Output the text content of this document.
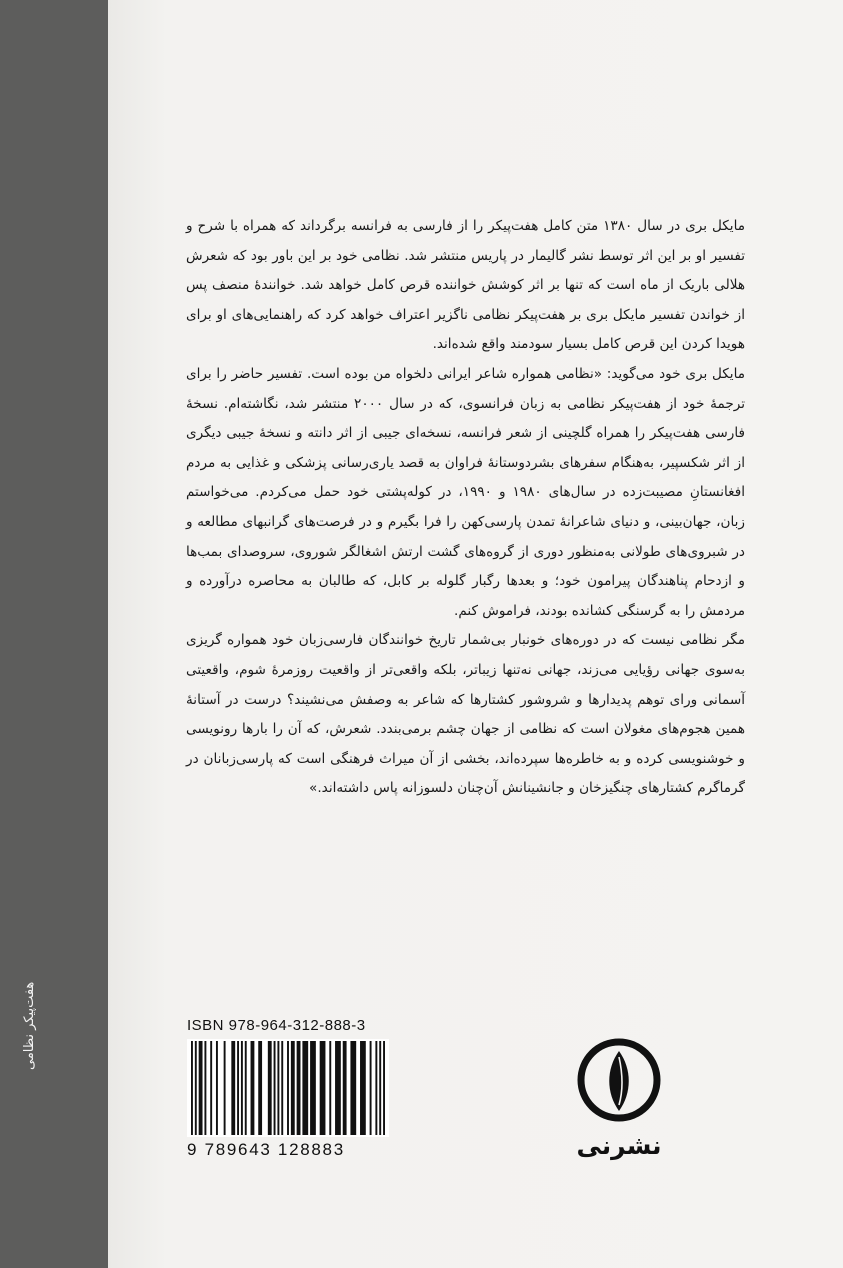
هفت‌پیکر نظامی

مایکل بری در سال ۱۳۸۰ متن کامل هفت‌پیکر را از فارسی به فرانسه برگرداند که همراه با شرح و تفسیر او بر این اثر توسط نشر گالیمار در پاریس منتشر شد. نظامی خود بر این باور بود که شعرش هلالی باریک از ماه است که تنها بر اثر کوشش خواننده قرص کامل خواهد شد. خوانندهٔ منصف پس از خواندن تفسیر مایکل بری بر هفت‌پیکر نظامی ناگزیر اعتراف خواهد کرد که راهنمایی‌های او برای هویدا کردن این قرص کامل بسیار سودمند واقع شده‌اند.

مایکل بری خود می‌گوید: «نظامی همواره شاعر ایرانی دلخواه من بوده است. تفسیر حاضر را برای ترجمهٔ خود از هفت‌پیکر نظامی به زبان فرانسوی، که در سال ۲۰۰۰ منتشر شد، نگاشته‌ام. نسخهٔ فارسی هفت‌پیکر را همراه گلچینی از شعر فرانسه، نسخه‌ای جیبی از اثر دانته و نسخهٔ جیبی دیگری از اثر شکسپیر، به‌هنگام سفرهای بشردوستانهٔ فراوان به قصد یاری‌رسانی پزشکی و غذایی به مردم افغانستانِ مصیبت‌زده در سال‌های ۱۹۸۰ و ۱۹۹۰، در کوله‌پشتی خود حمل می‌کردم. می‌خواستم زبان، جهان‌بینی، و دنیای شاعرانهٔ تمدن پارسی‌کهن را فرا بگیرم و در فرصت‌های گرانبهای مطالعه و در شبروی‌های طولانی به‌منظور دوری از گروه‌های گشت ارتش اشغالگر شوروی، سروصدای بمب‌ها و ازدحام پناهندگان پیرامون خود؛ و بعدها رگبار گلوله بر کابل، که طالبان به محاصره درآورده و مردمش را به گرسنگی کشانده بودند، فراموش کنم.

مگر نظامی نیست که در دوره‌های خونبار بی‌شمار تاریخ خوانندگان فارسی‌زبان خود همواره گریزی به‌سوی جهانی رؤیایی می‌زند، جهانی نه‌تنها زیباتر، بلکه واقعی‌تر از واقعیت روزمرهٔ شوم، واقعیتی آسمانی ورای توهم پدیدارها و شروشور کشتارها که شاعر به وصفش می‌نشیند؟ درست در آستانهٔ همین هجوم‌های مغولان است که نظامی از جهان چشم برمی‌بندد. شعرش، که آن را بارها رونویسی و خوشنویسی کرده و به خاطره‌ها سپرده‌اند، بخشی از آن میراث فرهنگی است که پارسی‌زبانان در گرماگرم کشتارهای چنگیزخان و جانشینانش آن‌چنان دلسوزانه پاس داشته‌اند.»

ISBN 978-964-312-888-3
9 789643 128883	نشرنی
